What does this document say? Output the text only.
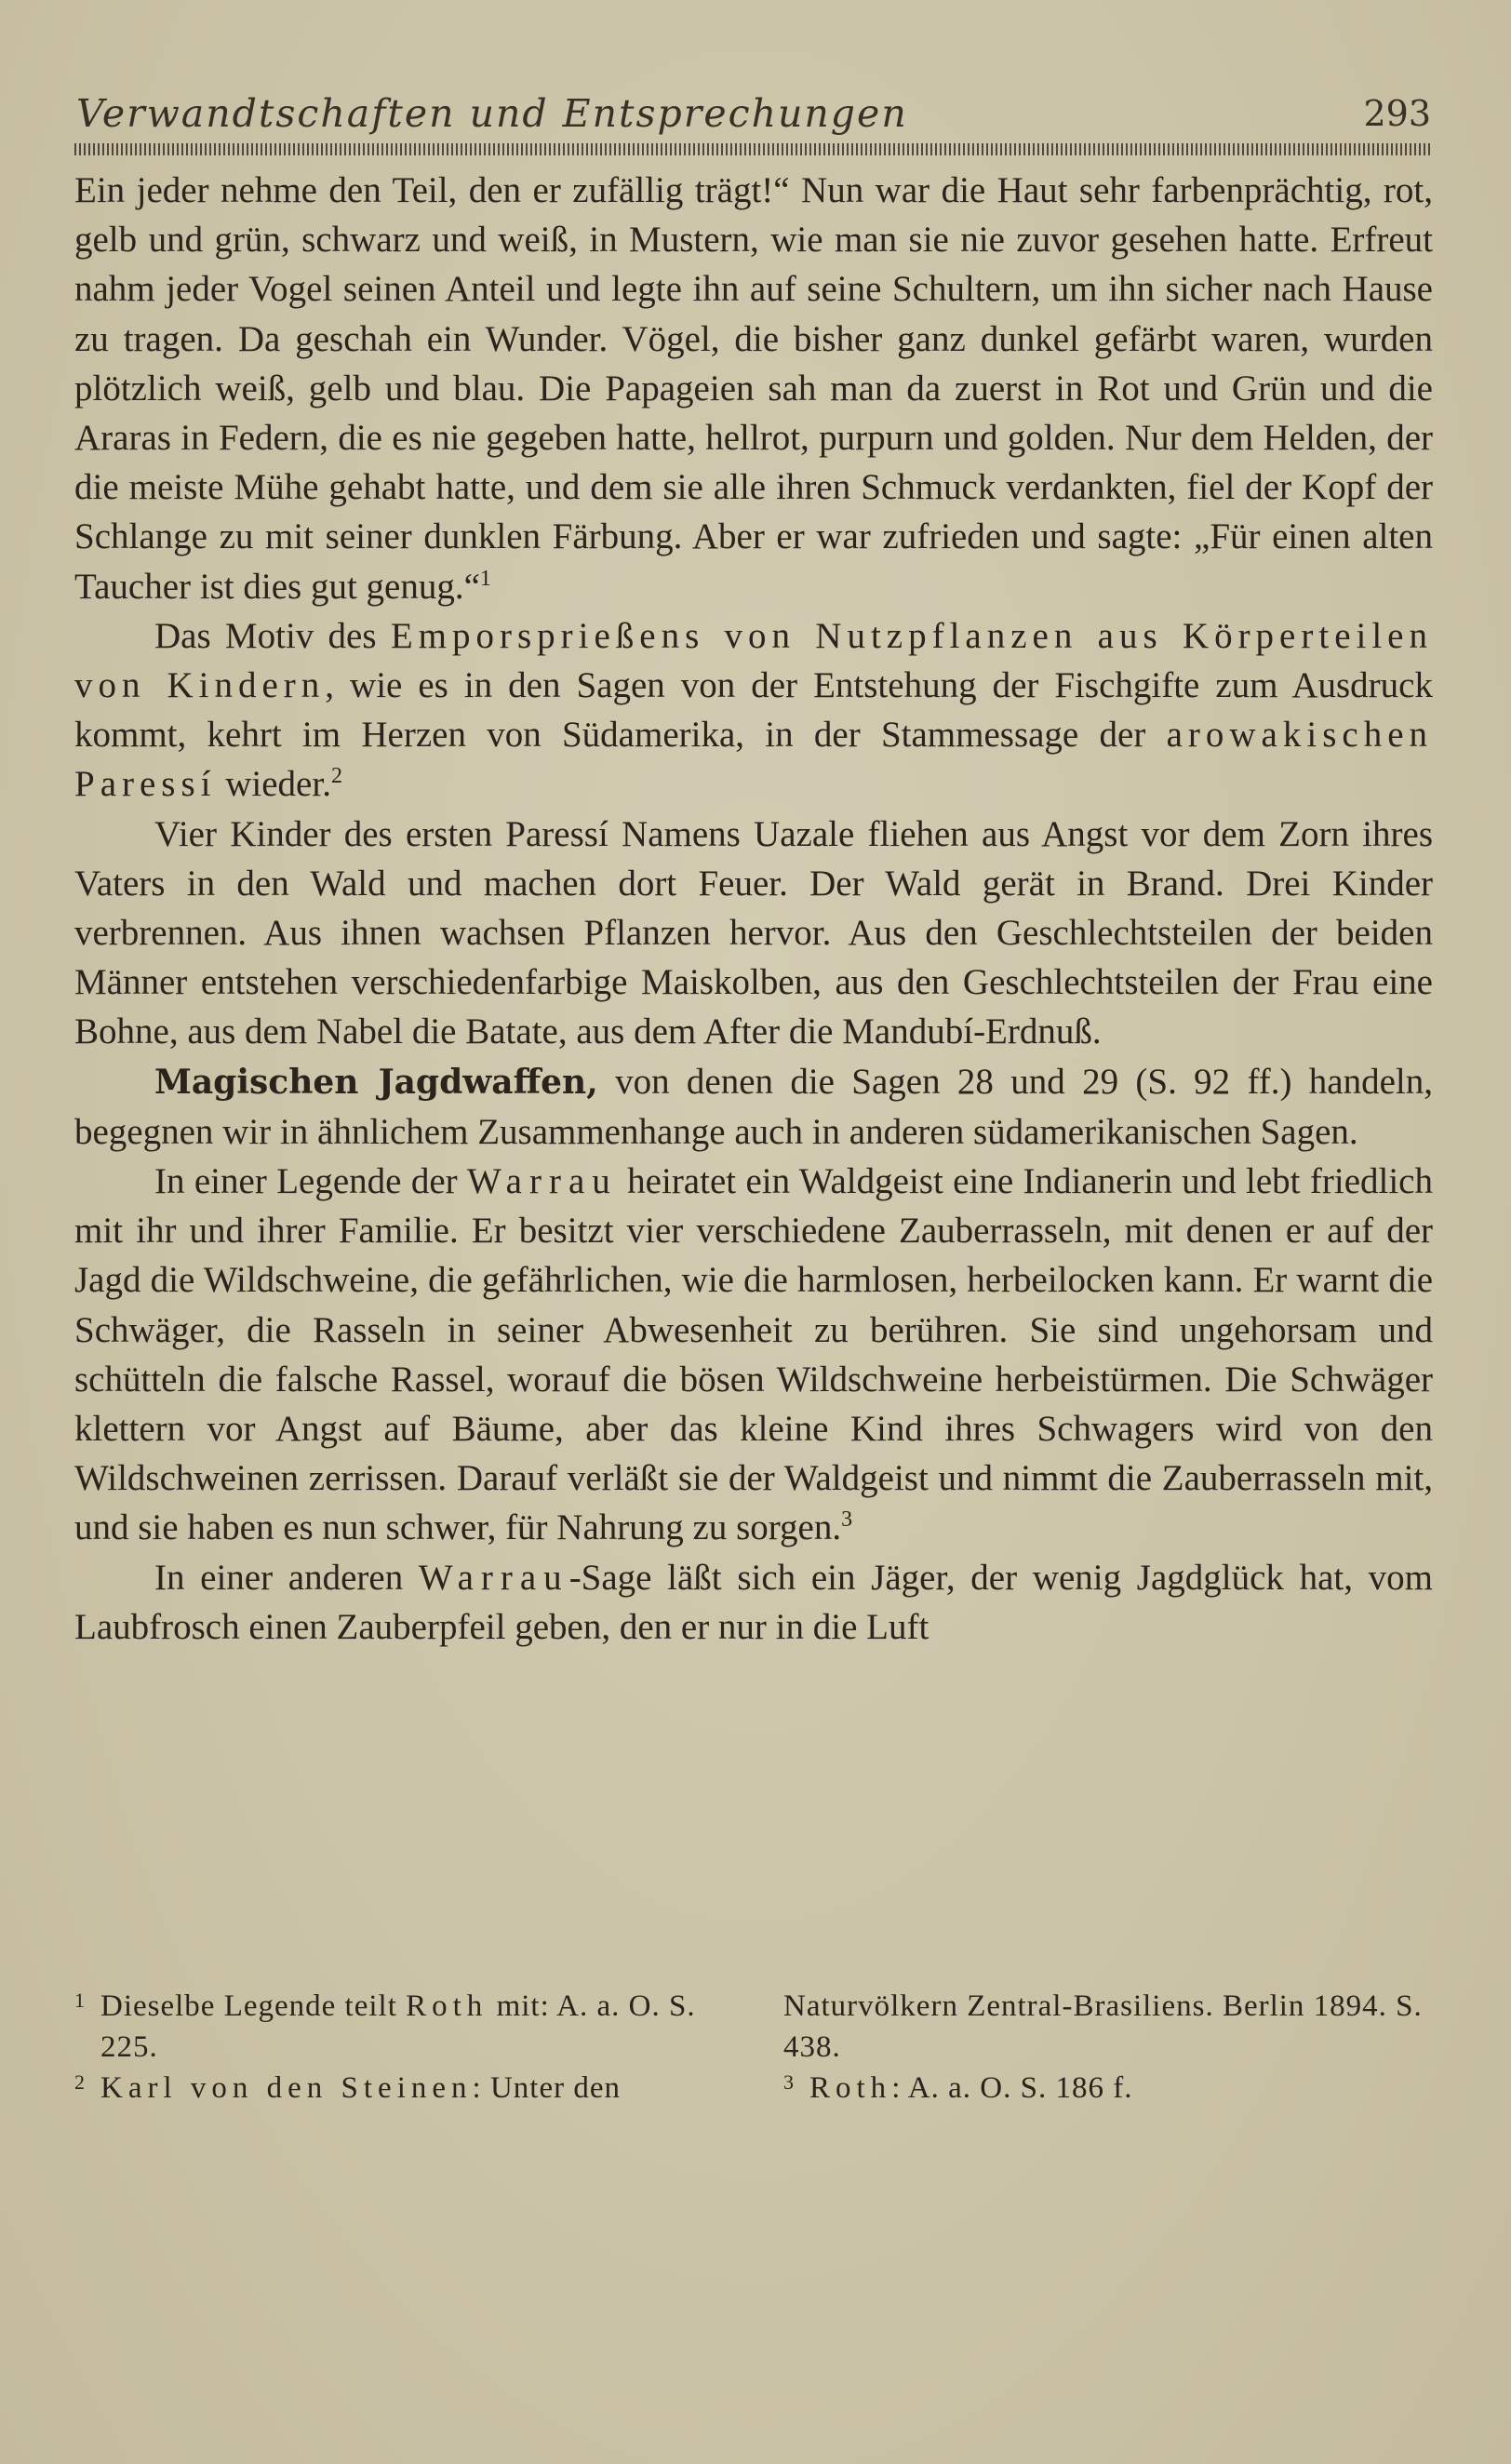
Verwandtschaften und Entsprechungen	293

Ein jeder nehme den Teil, den er zufällig trägt!“ Nun war die Haut sehr farbenprächtig, rot, gelb und grün, schwarz und weiß, in Mustern, wie man sie nie zuvor gesehen hatte. Erfreut nahm jeder Vogel seinen Anteil und legte ihn auf seine Schultern, um ihn sicher nach Hause zu tragen. Da geschah ein Wunder. Vögel, die bisher ganz dunkel gefärbt waren, wurden plötzlich weiß, gelb und blau. Die Papageien sah man da zuerst in Rot und Grün und die Araras in Federn, die es nie gegeben hatte, hellrot, purpurn und golden. Nur dem Helden, der die meiste Mühe gehabt hatte, und dem sie alle ihren Schmuck verdankten, fiel der Kopf der Schlange zu mit seiner dunklen Färbung. Aber er war zufrieden und sagte: „Für einen alten Taucher ist dies gut genug.“$^1$

Das Motiv des Emporsprießens von Nutzpflanzen aus Körperteilen von Kindern, wie es in den Sagen von der Entstehung der Fischgifte zum Ausdruck kommt, kehrt im Herzen von Südamerika, in der Stammessage der arowakischen Paressí wieder.$^2$

Vier Kinder des ersten Paressí Namens Uazale fliehen aus Angst vor dem Zorn ihres Vaters in den Wald und machen dort Feuer. Der Wald gerät in Brand. Drei Kinder verbrennen. Aus ihnen wachsen Pflanzen hervor. Aus den Geschlechtsteilen der beiden Männer entstehen verschiedenfarbige Maiskolben, aus den Geschlechtsteilen der Frau eine Bohne, aus dem Nabel die Batate, aus dem After die Mandubí-Erdnuß.

Magischen Jagdwaffen, von denen die Sagen 28 und 29 (S. 92 ff.) handeln, begegnen wir in ähnlichem Zusammenhange auch in anderen südamerikanischen Sagen.

In einer Legende der Warrau heiratet ein Waldgeist eine Indianerin und lebt friedlich mit ihr und ihrer Familie. Er besitzt vier verschiedene Zauberrasseln, mit denen er auf der Jagd die Wildschweine, die gefährlichen, wie die harmlosen, herbeilocken kann. Er warnt die Schwäger, die Rasseln in seiner Abwesenheit zu berühren. Sie sind ungehorsam und schütteln die falsche Rassel, worauf die bösen Wildschweine herbeistürmen. Die Schwäger klettern vor Angst auf Bäume, aber das kleine Kind ihres Schwagers wird von den Wildschweinen zerrissen. Darauf verläßt sie der Waldgeist und nimmt die Zauberrasseln mit, und sie haben es nun schwer, für Nahrung zu sorgen.$^3$

In einer anderen Warrau-Sage läßt sich ein Jäger, der wenig Jagdglück hat, vom Laubfrosch einen Zauberpfeil geben, den er nur in die Luft

1 Dieselbe Legende teilt Roth mit: A. a. O. S. 225.
2 Karl von den Steinen: Unter den
Naturvölkern Zentral-Brasiliens. Berlin 1894. S. 438.
3 Roth: A. a. O. S. 186 f.
